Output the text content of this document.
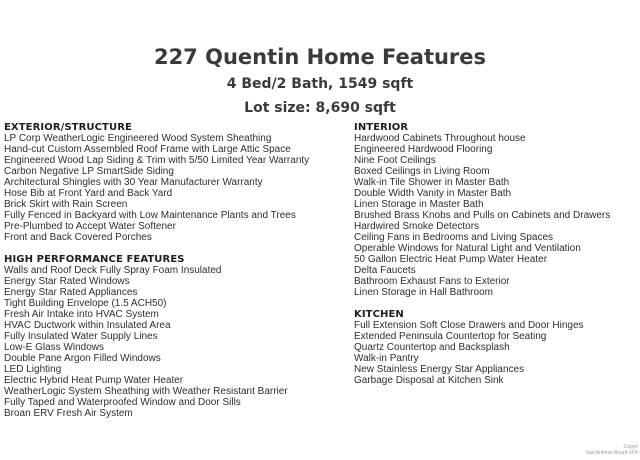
227 Quentin Home Features
4 Bed/2 Bath, 1549 sqft
Lot size: 8,690 sqft
EXTERIOR/STRUCTURE
LP Corp WeatherLogic Engineered Wood System Sheathing
Hand-cut Custom Assembled Roof Frame with Large Attic Space
Engineered Wood Lap Siding & Trim with 5/50 Limited Year Warranty
Carbon Negative LP SmartSide Siding
Architectural Shingles with 30 Year Manufacturer Warranty
Hose Bib at Front Yard and Back Yard
Brick Skirt with Rain Screen
Fully Fenced in Backyard with Low Maintenance Plants and Trees
Pre-Plumbed to Accept Water Softener
Front and Back Covered Porches
HIGH PERFORMANCE FEATURES
Walls and Roof Deck Fully Spray Foam Insulated
Energy Star Rated Windows
Energy Star Rated Appliances
Tight Building Envelope (1.5 ACH50)
Fresh Air Intake into HVAC System
HVAC Ductwork within Insulated Area
Fully Insulated Water Supply Lines
Low-E Glass Windows
Double Pane Argon Filled Windows
LED Lighting
Electric Hybrid Heat Pump Water Heater
WeatherLogic System Sheathing with Weather Resistant Barrier
Fully Taped and Waterproofed Window and Door Sills
Broan ERV Fresh Air System
INTERIOR
Hardwood Cabinets Throughout house
Engineered Hardwood Flooring
Nine Foot Ceilings
Boxed Ceilings in Living Room
Walk-in Tile Shower in Master Bath
Double Width Vanity in Master Bath
Linen Storage in Master Bath
Brushed Brass Knobs and Pulls on Cabinets and Drawers
Hardwired Smoke Detectors
Ceiling Fans in Bedrooms and Living Spaces
Operable Windows for Natural Light and Ventilation
50 Gallon Electric Heat Pump Water Heater
Delta Faucets
Bathroom Exhaust Fans to Exterior
Linen Storage in Hall Bathroom
KITCHEN
Full Extension Soft Close Drawers and Door Hinges
Extended Peninsula Countertop for Seating
Quartz Countertop and Backsplash
Walk-in Pantry
New Stainless Energy Star Appliances
Garbage Disposal at Kitchen Sink
Copyri
San Antonio Board of R
